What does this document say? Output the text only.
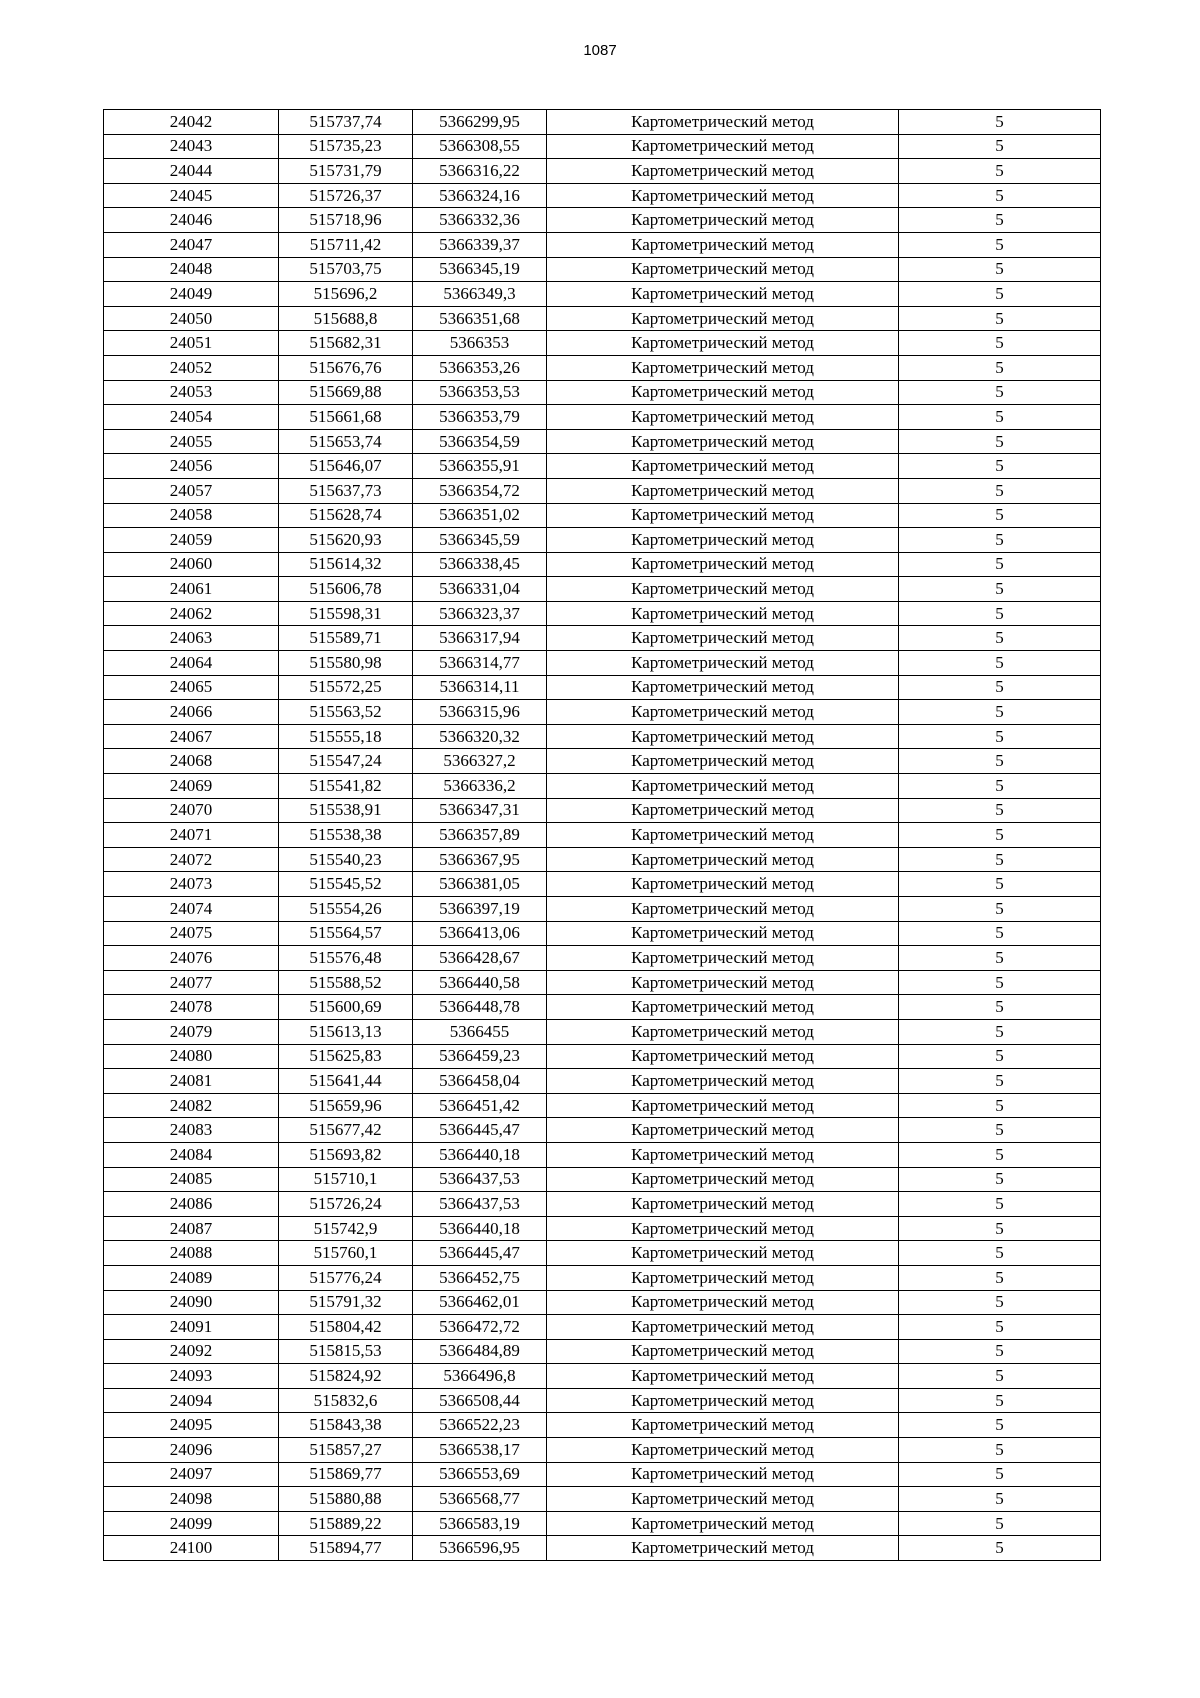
1087
24042	515737,74	5366299,95	Картометрический метод	5
24043	515735,23	5366308,55	Картометрический метод	5
24044	515731,79	5366316,22	Картометрический метод	5
24045	515726,37	5366324,16	Картометрический метод	5
24046	515718,96	5366332,36	Картометрический метод	5
24047	515711,42	5366339,37	Картометрический метод	5
24048	515703,75	5366345,19	Картометрический метод	5
24049	515696,2	5366349,3	Картометрический метод	5
24050	515688,8	5366351,68	Картометрический метод	5
24051	515682,31	5366353	Картометрический метод	5
24052	515676,76	5366353,26	Картометрический метод	5
24053	515669,88	5366353,53	Картометрический метод	5
24054	515661,68	5366353,79	Картометрический метод	5
24055	515653,74	5366354,59	Картометрический метод	5
24056	515646,07	5366355,91	Картометрический метод	5
24057	515637,73	5366354,72	Картометрический метод	5
24058	515628,74	5366351,02	Картометрический метод	5
24059	515620,93	5366345,59	Картометрический метод	5
24060	515614,32	5366338,45	Картометрический метод	5
24061	515606,78	5366331,04	Картометрический метод	5
24062	515598,31	5366323,37	Картометрический метод	5
24063	515589,71	5366317,94	Картометрический метод	5
24064	515580,98	5366314,77	Картометрический метод	5
24065	515572,25	5366314,11	Картометрический метод	5
24066	515563,52	5366315,96	Картометрический метод	5
24067	515555,18	5366320,32	Картометрический метод	5
24068	515547,24	5366327,2	Картометрический метод	5
24069	515541,82	5366336,2	Картометрический метод	5
24070	515538,91	5366347,31	Картометрический метод	5
24071	515538,38	5366357,89	Картометрический метод	5
24072	515540,23	5366367,95	Картометрический метод	5
24073	515545,52	5366381,05	Картометрический метод	5
24074	515554,26	5366397,19	Картометрический метод	5
24075	515564,57	5366413,06	Картометрический метод	5
24076	515576,48	5366428,67	Картометрический метод	5
24077	515588,52	5366440,58	Картометрический метод	5
24078	515600,69	5366448,78	Картометрический метод	5
24079	515613,13	5366455	Картометрический метод	5
24080	515625,83	5366459,23	Картометрический метод	5
24081	515641,44	5366458,04	Картометрический метод	5
24082	515659,96	5366451,42	Картометрический метод	5
24083	515677,42	5366445,47	Картометрический метод	5
24084	515693,82	5366440,18	Картометрический метод	5
24085	515710,1	5366437,53	Картометрический метод	5
24086	515726,24	5366437,53	Картометрический метод	5
24087	515742,9	5366440,18	Картометрический метод	5
24088	515760,1	5366445,47	Картометрический метод	5
24089	515776,24	5366452,75	Картометрический метод	5
24090	515791,32	5366462,01	Картометрический метод	5
24091	515804,42	5366472,72	Картометрический метод	5
24092	515815,53	5366484,89	Картометрический метод	5
24093	515824,92	5366496,8	Картометрический метод	5
24094	515832,6	5366508,44	Картометрический метод	5
24095	515843,38	5366522,23	Картометрический метод	5
24096	515857,27	5366538,17	Картометрический метод	5
24097	515869,77	5366553,69	Картометрический метод	5
24098	515880,88	5366568,77	Картометрический метод	5
24099	515889,22	5366583,19	Картометрический метод	5
24100	515894,77	5366596,95	Картометрический метод	5
